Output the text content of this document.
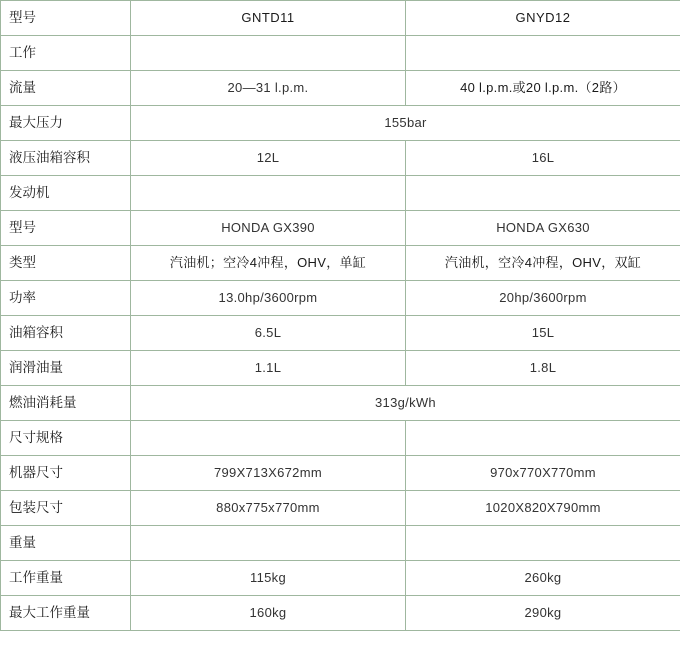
型号	GNTD11	GNYD12
工作		
流量	20—31 l.p.m.	40 l.p.m.或20 l.p.m.（2路）
最大压力	155bar	
液压油箱容积	12L	16L
发动机		
型号	HONDA GX390	HONDA GX630
类型	汽油机；空冷4冲程，OHV，单缸	汽油机，空冷4冲程，OHV，双缸
功率	13.0hp/3600rpm	20hp/3600rpm
油箱容积	6.5L	15L
润滑油量	1.1L	1.8L
燃油消耗量	313g/kWh	
尺寸规格		
机器尺寸	799X713X672mm	970x770X770mm
包装尺寸	880x775x770mm	1020X820X790mm
重量		
工作重量	115kg	260kg
最大工作重量	160kg	290kg
